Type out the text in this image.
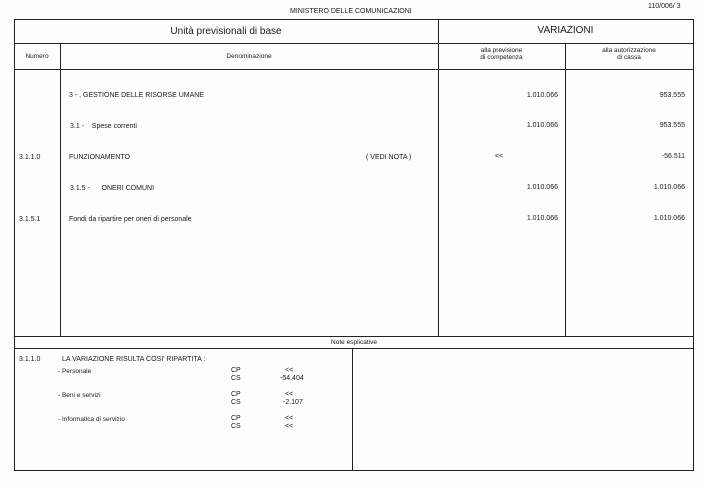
MINISTERO DELLE COMUNICAZIONI
110/006/ 3
Unità previsionali di base	VARIAZIONI
Numero	Denominazione
alla previsione
di competenza
alla autorizzazione
di cassa
3 - , GESTIONE DELLE RISORSE UMANE	1.010.066	953.555
3.1 -    Spese correnti	1.010.066	953.555
3.1.1.0	FUNZIONAMENTO	( VEDI NOTA )	<<	-56.511
3.1.5 -      ONERI COMUNI	1.010.066	1.010.066
3.1.5.1	Fondi da ripartire per oneri di personale	1.010.066	1.010.066
Note esplicative
3.1.1.0	LA VARIAZIONE RISULTA COSI' RIPARTITA :
- Personale	CP	<<
CS	-54.404
- Beni e servizi	CP	<<
CS	-2.107
- Informatica di servizio	CP	<<
CS	<<
